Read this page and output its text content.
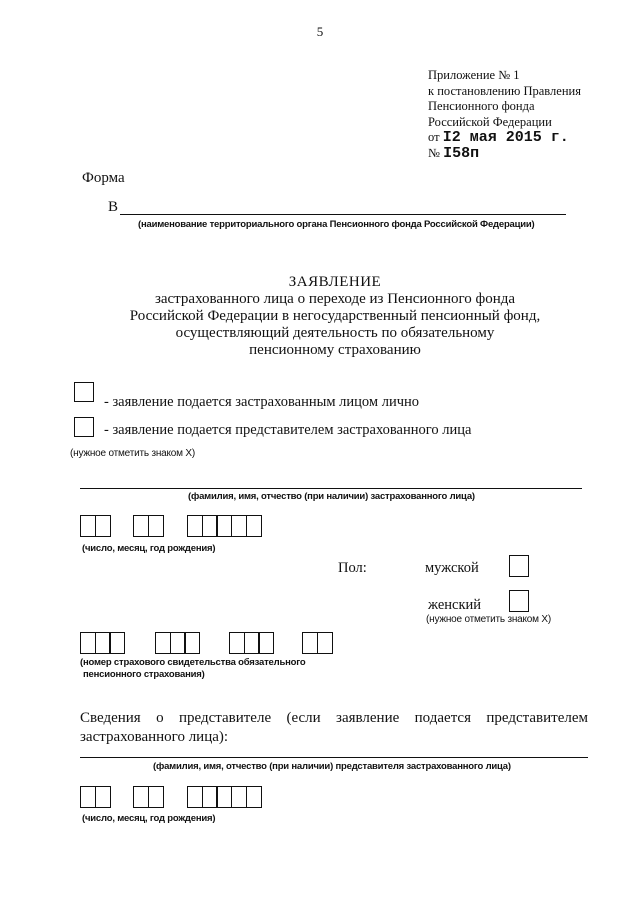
5
Приложение № 1
к постановлению Правления
Пенсионного фонда
Российской Федерации
от I2 мая 2015 г.
№ I58п
Форма
В
(наименование территориального органа Пенсионного фонда Российской Федерации)
ЗАЯВЛЕНИЕ
застрахованного лица о переходе из Пенсионного фонда
Российской Федерации в негосударственный пенсионный фонд,
осуществляющий деятельность по обязательному
пенсионному страхованию
- заявление подается застрахованным лицом лично
- заявление подается представителем застрахованного лица
(нужное отметить знаком Х)
(фамилия, имя, отчество (при наличии) застрахованного лица)
(число, месяц, год рождения)
Пол:	мужской
женский
(нужное отметить знаком Х)
(номер страхового свидетельства обязательного
пенсионного страхования)
Сведения о представителе (если заявление подается представителем застрахованного лица):
(фамилия, имя, отчество (при наличии) представителя застрахованного лица)
(число, месяц, год рождения)
